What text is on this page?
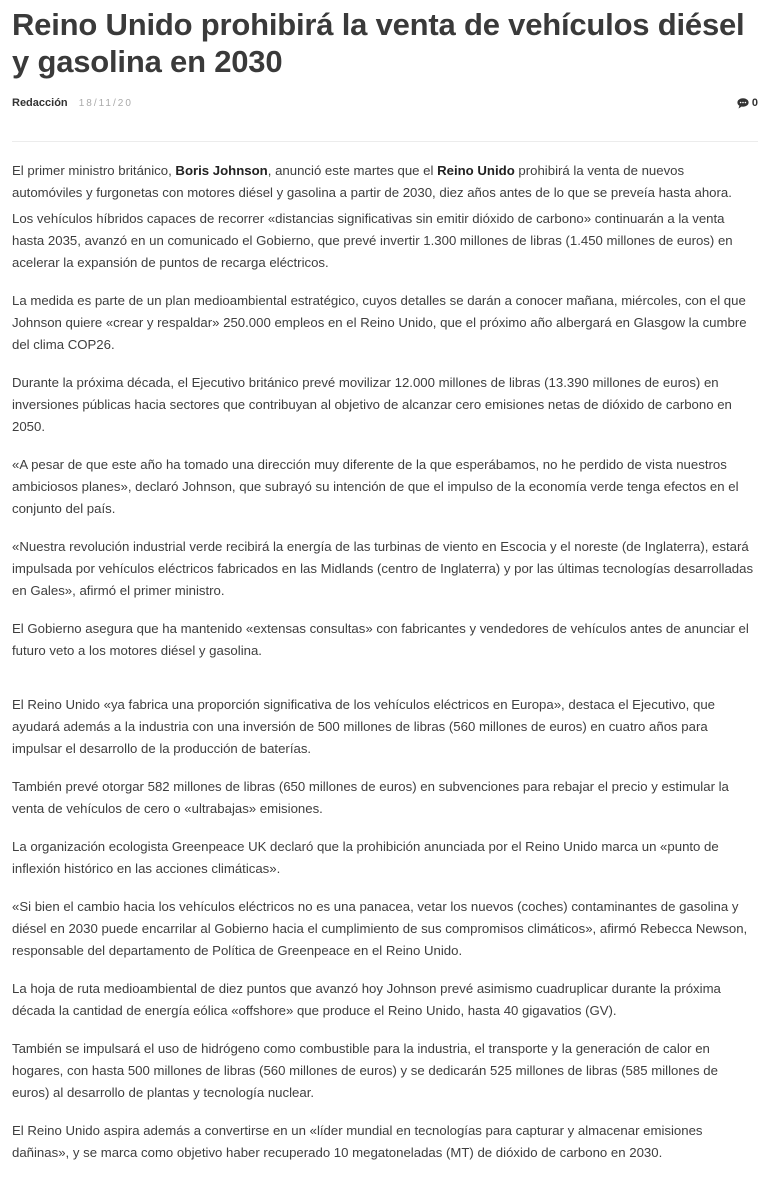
Reino Unido prohibirá la venta de vehículos diésel y gasolina en 2030
Redacción 18/11/20	0

El primer ministro británico, Boris Johnson, anunció este martes que el Reino Unido prohibirá la venta de nuevos automóviles y furgonetas con motores diésel y gasolina a partir de 2030, diez años antes de lo que se preveía hasta ahora.

Los vehículos híbridos capaces de recorrer «distancias significativas sin emitir dióxido de carbono» continuarán a la venta hasta 2035, avanzó en un comunicado el Gobierno, que prevé invertir 1.300 millones de libras (1.450 millones de euros) en acelerar la expansión de puntos de recarga eléctricos.

La medida es parte de un plan medioambiental estratégico, cuyos detalles se darán a conocer mañana, miércoles, con el que Johnson quiere «crear y respaldar» 250.000 empleos en el Reino Unido, que el próximo año albergará en Glasgow la cumbre del clima COP26.

Durante la próxima década, el Ejecutivo británico prevé movilizar 12.000 millones de libras (13.390 millones de euros) en inversiones públicas hacia sectores que contribuyan al objetivo de alcanzar cero emisiones netas de dióxido de carbono en 2050.

«A pesar de que este año ha tomado una dirección muy diferente de la que esperábamos, no he perdido de vista nuestros ambiciosos planes», declaró Johnson, que subrayó su intención de que el impulso de la economía verde tenga efectos en el conjunto del país.

«Nuestra revolución industrial verde recibirá la energía de las turbinas de viento en Escocia y el noreste (de Inglaterra), estará impulsada por vehículos eléctricos fabricados en las Midlands (centro de Inglaterra) y por las últimas tecnologías desarrolladas en Gales», afirmó el primer ministro.

El Gobierno asegura que ha mantenido «extensas consultas» con fabricantes y vendedores de vehículos antes de anunciar el futuro veto a los motores diésel y gasolina.

El Reino Unido «ya fabrica una proporción significativa de los vehículos eléctricos en Europa», destaca el Ejecutivo, que ayudará además a la industria con una inversión de 500 millones de libras (560 millones de euros) en cuatro años para impulsar el desarrollo de la producción de baterías.

También prevé otorgar 582 millones de libras (650 millones de euros) en subvenciones para rebajar el precio y estimular la venta de vehículos de cero o «ultrabajas» emisiones.

La organización ecologista Greenpeace UK declaró que la prohibición anunciada por el Reino Unido marca un «punto de inflexión histórico en las acciones climáticas».

«Si bien el cambio hacia los vehículos eléctricos no es una panacea, vetar los nuevos (coches) contaminantes de gasolina y diésel en 2030 puede encarrilar al Gobierno hacia el cumplimiento de sus compromisos climáticos», afirmó Rebecca Newson, responsable del departamento de Política de Greenpeace en el Reino Unido.

La hoja de ruta medioambiental de diez puntos que avanzó hoy Johnson prevé asimismo cuadruplicar durante la próxima década la cantidad de energía eólica «offshore» que produce el Reino Unido, hasta 40 gigavatios (GV).

También se impulsará el uso de hidrógeno como combustible para la industria, el transporte y la generación de calor en hogares, con hasta 500 millones de libras (560 millones de euros) y se dedicarán 525 millones de libras (585 millones de euros) al desarrollo de plantas y tecnología nuclear.

El Reino Unido aspira además a convertirse en un «líder mundial en tecnologías para capturar y almacenar emisiones dañinas», y se marca como objetivo haber recuperado 10 megatoneladas (MT) de dióxido de carbono en 2030.
